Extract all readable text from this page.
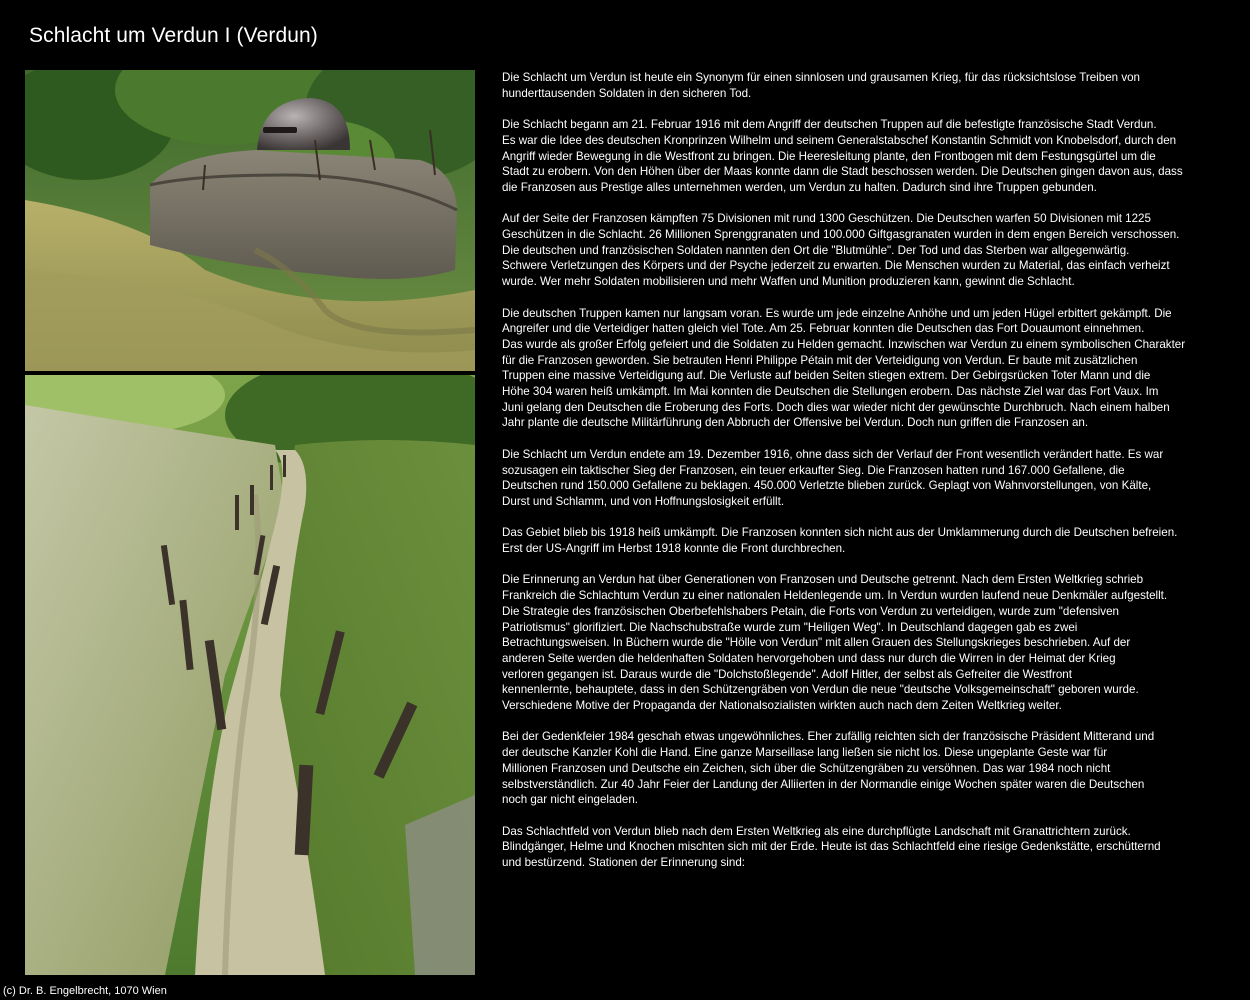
Schlacht um Verdun I (Verdun)

Die Schlacht um Verdun ist heute ein Synonym für einen sinnlosen und grausamen Krieg, für das rücksichtslose Treiben von
hunderttausenden Soldaten in den sicheren Tod.

Die Schlacht begann am 21. Februar 1916 mit dem Angriff der deutschen Truppen auf die befestigte französische Stadt Verdun.
Es war die Idee des deutschen Kronprinzen Wilhelm und seinem Generalstabschef Konstantin Schmidt von Knobelsdorf, durch den
Angriff wieder Bewegung in die Westfront zu bringen. Die Heeresleitung plante, den Frontbogen mit dem Festungsgürtel um die
Stadt zu erobern. Von den Höhen über der Maas konnte dann die Stadt beschossen werden. Die Deutschen gingen davon aus, dass
die Franzosen aus Prestige alles unternehmen werden, um Verdun zu halten. Dadurch sind ihre Truppen gebunden.

Auf der Seite der Franzosen kämpften 75 Divisionen mit rund 1300 Geschützen. Die Deutschen warfen 50 Divisionen mit 1225
Geschützen in die Schlacht. 26 Millionen Sprenggranaten und 100.000 Giftgasgranaten wurden in dem engen Bereich verschossen.
Die deutschen und französischen Soldaten nannten den Ort die "Blutmühle". Der Tod und das Sterben war allgegenwärtig.
Schwere Verletzungen des Körpers und der Psyche jederzeit zu erwarten. Die Menschen wurden zu Material, das einfach verheizt
wurde. Wer mehr Soldaten mobilisieren und mehr Waffen und Munition produzieren kann, gewinnt die Schlacht.

Die deutschen Truppen kamen nur langsam voran. Es wurde um jede einzelne Anhöhe und um jeden Hügel erbittert gekämpft. Die
Angreifer und die Verteidiger hatten gleich viel Tote. Am 25. Februar konnten die Deutschen das Fort Douaumont einnehmen.
Das wurde als großer Erfolg gefeiert und die Soldaten zu Helden gemacht. Inzwischen war Verdun zu einem symbolischen Charakter
für die Franzosen geworden. Sie betrauten Henri Philippe Pétain mit der Verteidigung von Verdun. Er baute mit zusätzlichen
Truppen eine massive Verteidigung auf. Die Verluste auf beiden Seiten stiegen extrem. Der Gebirgsrücken Toter Mann und die
Höhe 304 waren heiß umkämpft. Im Mai konnten die Deutschen die Stellungen erobern. Das nächste Ziel war das Fort Vaux. Im
Juni gelang den Deutschen die Eroberung des Forts. Doch dies war wieder nicht der gewünschte Durchbruch. Nach einem halben
Jahr plante die deutsche Militärführung den Abbruch der Offensive bei Verdun. Doch nun griffen die Franzosen an.

Die Schlacht um Verdun endete am 19. Dezember 1916, ohne dass sich der Verlauf der Front wesentlich verändert hatte. Es war
sozusagen ein taktischer Sieg der Franzosen, ein teuer erkaufter Sieg. Die Franzosen hatten rund 167.000 Gefallene, die
Deutschen rund 150.000 Gefallene zu beklagen. 450.000 Verletzte blieben zurück. Geplagt von Wahnvorstellungen, von Kälte,
Durst und Schlamm, und von Hoffnungslosigkeit erfüllt.

Das Gebiet blieb bis 1918 heiß umkämpft. Die Franzosen konnten sich nicht aus der Umklammerung durch die Deutschen befreien.
Erst der US-Angriff im Herbst 1918 konnte die Front durchbrechen.

Die Erinnerung an Verdun hat über Generationen von Franzosen und Deutsche getrennt. Nach dem Ersten Weltkrieg schrieb
Frankreich die Schlachtum Verdun zu einer nationalen Heldenlegende um. In Verdun wurden laufend neue Denkmäler aufgestellt.
Die Strategie des französischen Oberbefehlshabers Petain, die Forts von Verdun zu verteidigen, wurde zum "defensiven
Patriotismus" glorifiziert. Die Nachschubstraße wurde zum "Heiligen Weg". In Deutschland dagegen gab es zwei
Betrachtungsweisen. In Büchern wurde die "Hölle von Verdun" mit allen Grauen des Stellungskrieges beschrieben. Auf der
anderen Seite werden die heldenhaften Soldaten hervorgehoben und dass nur durch die Wirren in der Heimat der Krieg
verloren gegangen ist. Daraus wurde die "Dolchstoßlegende". Adolf Hitler, der selbst als Gefreiter die Westfront
kennenlernte, behauptete, dass in den Schützengräben von Verdun die neue "deutsche Volksgemeinschaft" geboren wurde.
Verschiedene Motive der Propaganda der Nationalsozialisten wirkten auch nach dem Zeiten Weltkrieg weiter.

Bei der Gedenkfeier 1984 geschah etwas ungewöhnliches. Eher zufällig reichten sich der französische Präsident Mitterand und
der deutsche Kanzler Kohl die Hand. Eine ganze Marseillase lang ließen sie nicht los. Diese ungeplante Geste war für
Millionen Franzosen und Deutsche ein Zeichen, sich über die Schützengräben zu versöhnen. Das war 1984 noch nicht
selbstverständlich. Zur 40 Jahr Feier der Landung der Alliierten in der Normandie einige Wochen später waren die Deutschen
noch gar nicht eingeladen.

Das Schlachtfeld von Verdun blieb nach dem Ersten Weltkrieg als eine durchpflügte Landschaft mit Granattrichtern zurück.
Blindgänger, Helme und Knochen mischten sich mit der Erde. Heute ist das Schlachtfeld eine riesige Gedenkstätte, erschütternd
und bestürzend. Stationen der Erinnerung sind:

(c) Dr. B. Engelbrecht, 1070 Wien
